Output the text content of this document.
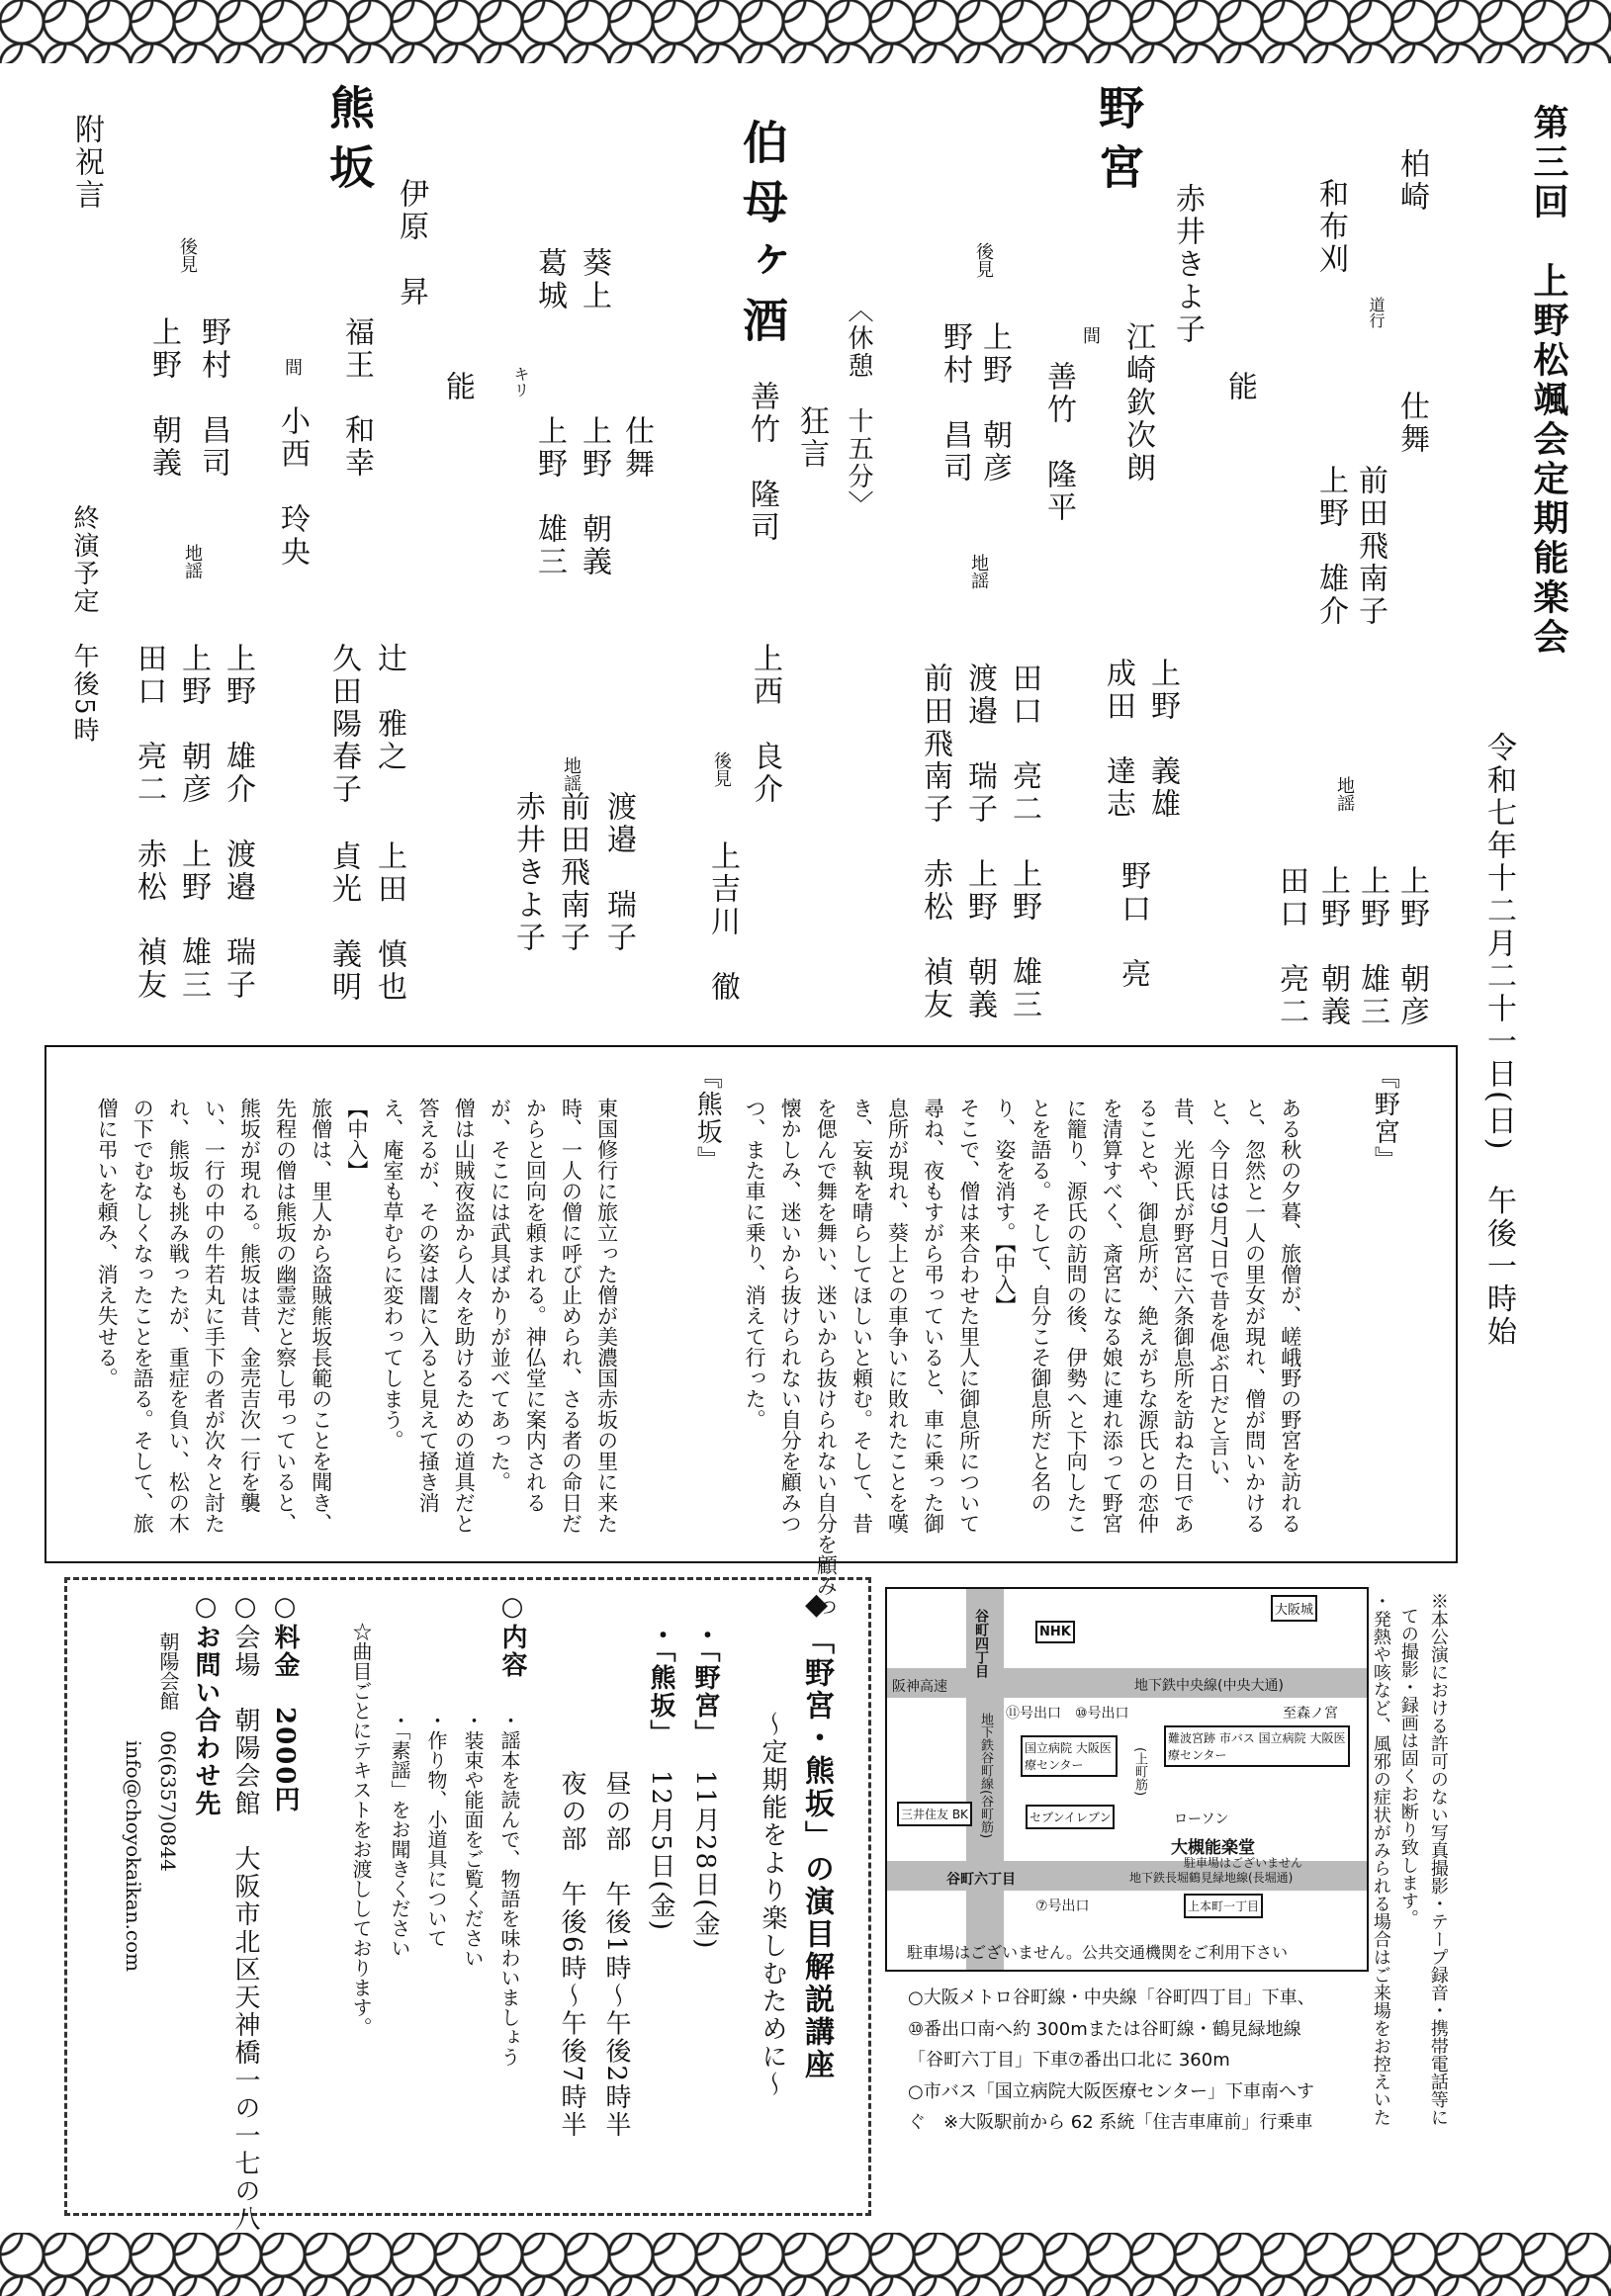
第三回　上野松颯会定期能楽会
令和七年十二月二十一日(日)　午後一時始
仕舞
柏崎
道行
前田飛南子
和布刈
上野　雄介
地謡
上野　朝彦
上野　雄三
上野　朝義
田口　亮二
野宮
能
赤井きよ子
江崎欽次朗
間
善竹　隆平
後見
上野　朝彦
野村　昌司
上野　義雄
成田　達志
野口　亮
地謡
田口　亮二　上野　雄三
渡邉　瑞子　上野　朝義
前田飛南子　赤松　禎友
〈休憩　十五分〉
伯母ヶ酒
狂言
善竹　隆司
上西　良介
後見
上吉川　徹
仕舞
葵上
上野　朝義
葛城
キリ
上野　雄三
地謡
渡邉　瑞子
前田飛南子
赤井きよ子
熊坂
能
伊原　昇
福王　和幸
間
小西　玲央
後見
野村　昌司
上野　朝義
辻　雅之
久田陽春子
上田　慎也
貞光　義明
地謡
上野　雄介　渡邉　瑞子
上野　朝彦　上野　雄三
田口　亮二　赤松　禎友
附祝言
終演予定
午後5時
『野宮』
ある秋の夕暮、旅僧が、嵯峨野の野宮を訪れる
と、忽然と一人の里女が現れ、僧が問いかける
と、今日は9月7日で昔を偲ぶ日だと言い、
昔、光源氏が野宮に六条御息所を訪ねた日であ
ることや、御息所が、絶えがちな源氏との恋仲
を清算すべく、斎宮になる娘に連れ添って野宮
に籠り、源氏の訪問の後、伊勢へと下向したこ
とを語る。そして、自分こそ御息所だと名の
り、姿を消す。【中入】
そこで、僧は来合わせた里人に御息所について
尋ね、夜もすがら弔っていると、車に乗った御
息所が現れ、葵上との車争いに敗れたことを嘆
き、妄執を晴らしてほしいと頼む。そして、昔
を偲んで舞を舞い、迷いから抜けられない自分を顧みつ
懐かしみ、迷いから抜けられない自分を顧みつ
つ、また車に乗り、消えて行った。
『熊坂』
東国修行に旅立った僧が美濃国赤坂の里に来た
時、一人の僧に呼び止められ、さる者の命日だ
からと回向を頼まれる。神仏堂に案内される
が、そこには武具ばかりが並べてあった。
僧は山賊夜盗から人々を助けるための道具だと
答えるが、その姿は闇に入ると見えて掻き消
え、庵室も草むらに変わってしまう。
【中入】
旅僧は、里人から盗賊熊坂長範のことを聞き、
先程の僧は熊坂の幽霊だと察し弔っていると、
熊坂が現れる。熊坂は昔、金売吉次一行を襲
い、一行の中の牛若丸に手下の者が次々と討た
れ、熊坂も挑み戦ったが、重症を負い、松の木
の下でむなしくなったことを語る。そして、旅
僧に弔いを頼み、消え失せる。
※本公演における許可のない写真撮影・テープ録音・携帯電話等に
ての撮影・録画は固くお断り致します。
・発熱や咳など、風邪の症状がみられる場合はご来場をお控えいた
大阪城
NHK
阪神高速
谷町四丁目
地下鉄中央線(中央大通)
⑪号出口 ⑩号出口	至森ノ宮
地下鉄谷町線(谷町筋)	国立病院 大阪医療センター
難波宮跡 市バス 国立病院 大阪医療センター
(上町筋)
ローソン
三井住友 BK	セブンイレブン
大槻能楽堂
駐車場はございません
谷町六丁目	地下鉄長堀鶴見緑地線(長堀通)
⑦号出口	上本町一丁目
駐車場はございません。公共交通機関をご利用下さい
○大阪メトロ谷町線・中央線「谷町四丁目」下車、
⑩番出口南へ約 300mまたは谷町線・鶴見緑地線
「谷町六丁目」下車⑦番出口北に 360m
○市バス「国立病院大阪医療センター」下車南へす
ぐ　※大阪駅前から 62 系統「住吉車庫前」行乗車
◆「野宮・熊坂」の演目解説講座
〜定期能をより楽しむために〜
・「野宮」
11月28日(金)
・「熊坂」
12月5日(金)
昼の部　午後1時〜午後2時半
夜の部　午後6時〜午後7時半
○内容
・謡本を読んで、物語を味わいましょう
・装束や能面をご覧ください
・作り物、小道具について
・「素謡」をお聞きください
☆曲目ごとにテキストをお渡ししております。
○料金　2000円
○会場　朝陽会館　大阪市北区天神橋一の一七の八
○お問い合わせ先
朝陽会館　06(6357)0844
info@choyokaikan.com
